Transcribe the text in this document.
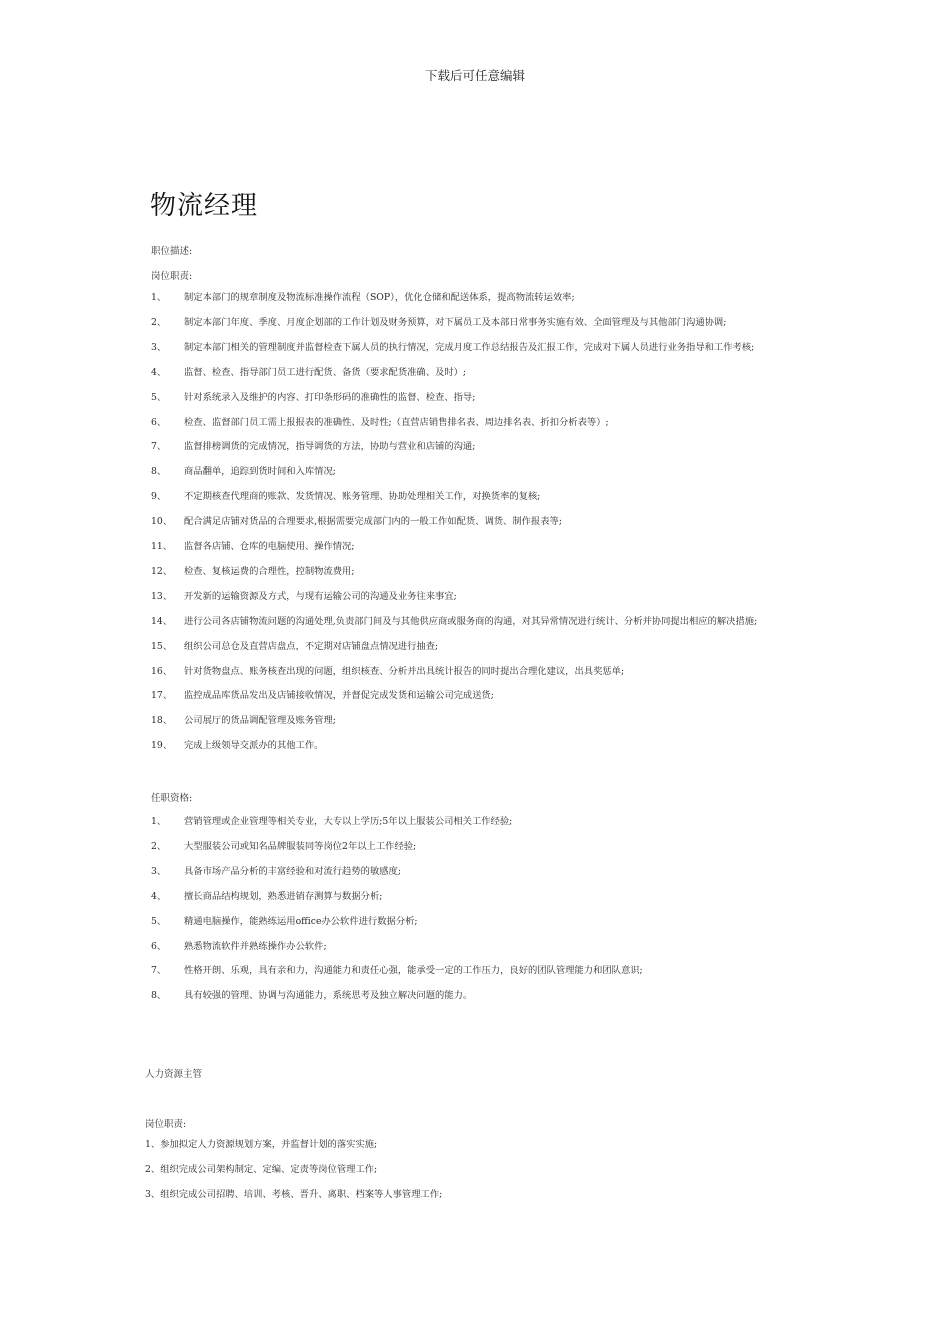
下载后可任意编辑
物流经理
职位描述:
岗位职责:
1、 制定本部门的规章制度及物流标准操作流程（SOP），优化仓储和配送体系，提高物流转运效率;
2、 制定本部门年度、季度、月度企划部的工作计划及财务预算，对下属员工及本部日常事务实施有效、全面管理及与其他部门沟通协调;
3、 制定本部门相关的管理制度并监督检查下属人员的执行情况，完成月度工作总结报告及汇报工作，完成对下属人员进行业务指导和工作考核;
4、 监督、检查、指导部门员工进行配货、备货（要求配货准确、及时）;
5、 针对系统录入及维护的内容、打印条形码的准确性的监督、检查、指导;
6、 检查、监督部门员工需上报报表的准确性、及时性;（直营店销售排名表、周边排名表、折扣分析表等）;
7、 监督排榜调货的完成情况，指导调货的方法，协助与营业和店铺的沟通;
8、 商品翻单，追踪到货时间和入库情况;
9、 不定期核查代理商的账款、发货情况、账务管理、协助处理相关工作，对换货率的复核;
10、 配合满足店铺对货品的合理要求,根据需要完成部门内的一般工作如配货、调货、制作报表等;
11、 监督各店铺、仓库的电脑使用、操作情况;
12、 检查、复核运费的合理性，控制物流费用;
13、 开发新的运输资源及方式，与现有运输公司的沟通及业务往来事宜;
14、 进行公司各店铺物流问题的沟通处理,负责部门间及与其他供应商或服务商的沟通，对其异常情况进行统计、分析并协同提出相应的解决措施;
15、 组织公司总仓及直营店盘点，不定期对店铺盘点情况进行抽查;
16、 针对货物盘点、账务核查出现的问题，组织核查、分析并出具统计报告的同时提出合理化建议，出具奖惩单;
17、 监控成品库货品发出及店铺接收情况，并督促完成发货和运输公司完成送货;
18、 公司展厅的货品调配管理及账务管理;
19、 完成上级领导交派办的其他工作。
任职资格:
1、 营销管理或企业管理等相关专业，大专以上学历;5年以上服装公司相关工作经验;
2、 大型服装公司或知名品牌服装同等岗位2年以上工作经验;
3、 具备市场产品分析的丰富经验和对流行趋势的敏感度;
4、 擅长商品结构规划，熟悉进销存测算与数据分析;
5、 精通电脑操作，能熟练运用office办公软件进行数据分析;
6、 熟悉物流软件并熟练操作办公软件;
7、 性格开朗、乐观，具有亲和力，沟通能力和责任心强，能承受一定的工作压力，良好的团队管理能力和团队意识;
8、 具有较强的管理、协调与沟通能力，系统思考及独立解决问题的能力。
人力资源主管
岗位职责:
1、参加拟定人力资源规划方案，并监督计划的落实实施;
2、组织完成公司架构制定、定编、定责等岗位管理工作;
3、组织完成公司招聘、培训、考核、晋升、离职、档案等人事管理工作;
